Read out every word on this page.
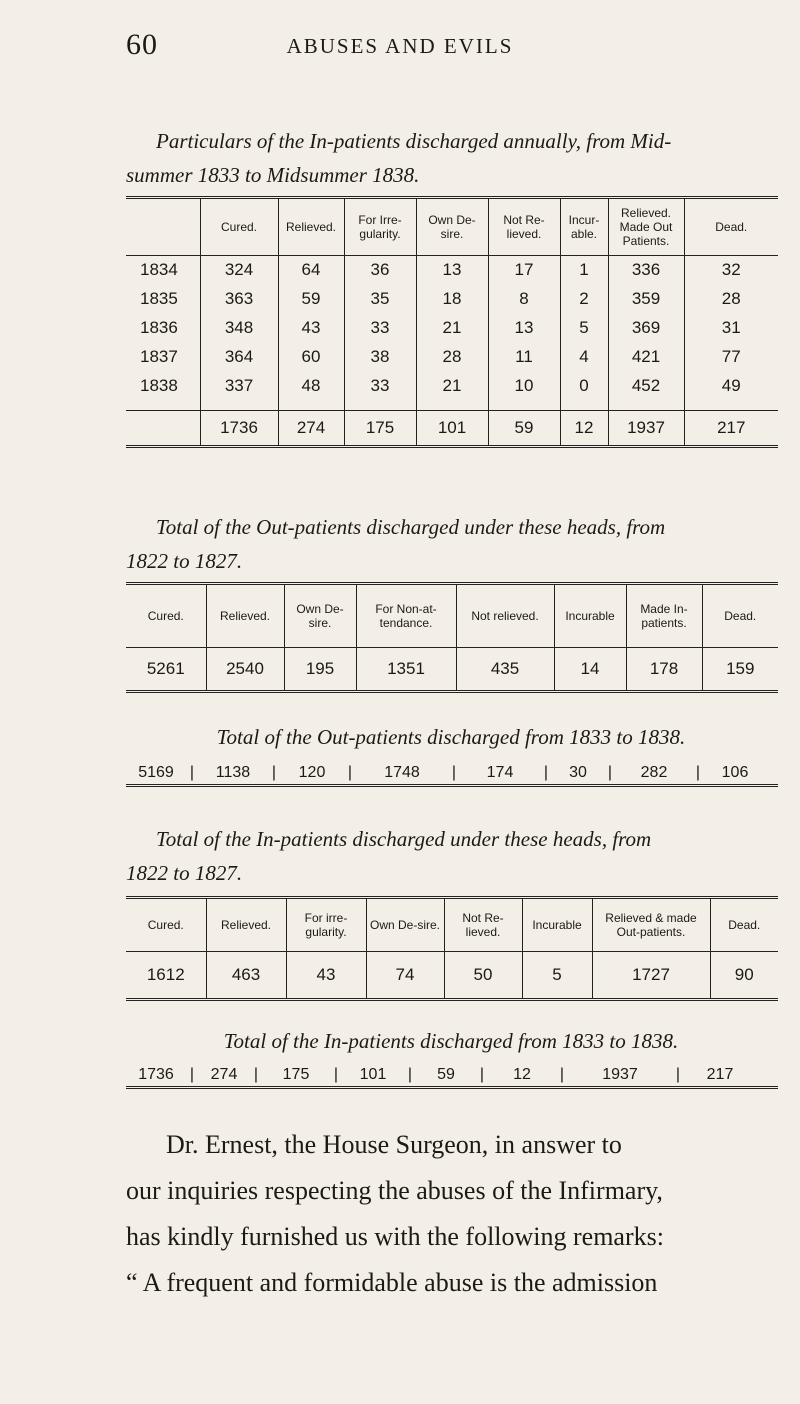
60	ABUSES AND EVILS
Particulars of the In-patients discharged annually, from Mid-
summer 1833 to Midsummer 1838.
	Cured.	Relieved.	For Irre-gularity.	Own De-sire.	Not Re-lieved.	Incur-able.	Relieved. Made Out Patients.	Dead.
1834	324	64	36	13	17	1	336	32
1835	363	59	35	18	8	2	359	28
1836	348	43	33	21	13	5	369	31
1837	364	60	38	28	11	4	421	77
1838	337	48	33	21	10	0	452	49

	1736	274	175	101	59	12	1937	217
Total of the Out-patients discharged under these heads, from
1822 to 1827.
Cured.	Relieved.	Own De-sire.	For Non-at-tendance.	Not relieved.	Incurable	Made In-patients.	Dead.
5261	2540	195	1351	435	14	178	159
Total of the Out-patients discharged from 1833 to 1838.
5169 | 1138 | 120 | 1748 | 174 | 30 | 282 | 106
Total of the In-patients discharged under these heads, from
1822 to 1827.
Cured.	Relieved.	For irre-gularity.	Own De-sire.	Not Re-lieved.	Incurable	Relieved & made Out-patients.	Dead.
1612	463	43	74	50	5	1727	90
Total of the In-patients discharged from 1833 to 1838.
1736 | 274 | 175 | 101 | 59 | 12 | 1937 | 217
Dr. Ernest, the House Surgeon, in answer to
our inquiries respecting the abuses of the Infirmary,
has kindly furnished us with the following remarks:
“ A frequent and formidable abuse is the admission
